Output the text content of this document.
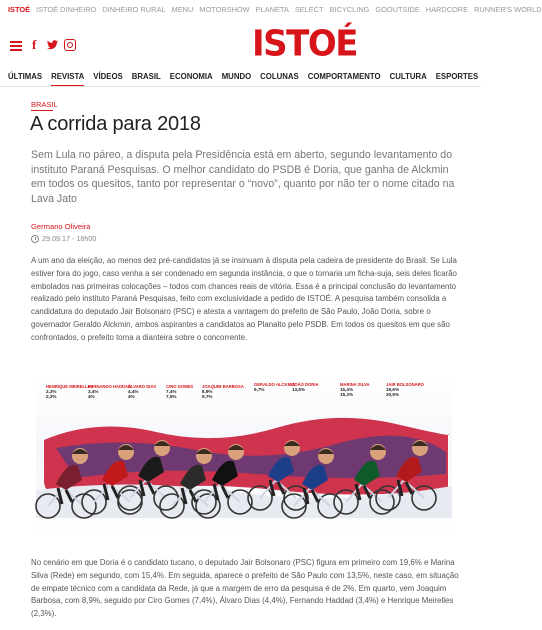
ISTOÉ ISTOÉ DINHEIRO DINHEIRO RURAL MENU MOTORSHOW PLANETA SELECT BICYCLING GOOUTSIDE HARDCORE RUNNER'S WORLD
f	ISTOÉ
ÚLTIMAS REVISTA VÍDEOS BRASIL ECONOMIA MUNDO COLUNAS COMPORTAMENTO CULTURA ESPORTES
BRASIL
A corrida para 2018

Sem Lula no páreo, a disputa pela Presidência está em aberto, segundo levantamento do instituto Paraná Pesquisas. O melhor candidato do PSDB é Doria, que ganha de Alckmin em todos os quesitos, tanto por representar o “novo”, quanto por não ter o nome citado na Lava Jato

Germano Oliveira
29.09.17 - 18h00

A um ano da eleição, ao menos dez pré-candidatos já se insinuam à disputa pela cadeira de presidente do Brasil. Se Lula estiver fora do jogo, caso venha a ser condenado em segunda instância, o que o tornaria um ficha-suja, seis deles ficarão embolados nas primeiras colocações – todos com chances reais de vitória. Essa é a principal conclusão do levantamento realizado pelo instituto Paraná Pesquisas, feito com exclusividade a pedido de ISTOÉ. A pesquisa também consolida a candidatura do deputado Jair Bolsonaro (PSC) e atesta a vantagem do prefeito de São Paulo, João Doria, sobre o governador Geraldo Alckmin, ambos aspirantes a candidatos ao Planalto pelo PSDB. Em todos os quesitos em que são confrontados, o prefeito toma a dianteira sobre o concorrente.

HENRIQUE MEIRELLES
2,3%
2,2%
FERNANDO HADDAD
3,4%
4%
ÁLVARO DIAS
4,4%
4%
CIRO GOMES
7,4%
7,5%
JOAQUIM BARBOSA
8,9%
9,7%
GERALDO ALCKMIN
9,7%
JOÃO DORIA
13,5%
MARINA SILVA
15,4%
15,3%
JAIR BOLSONARO
19,6%
20,9%

No cenário em que Doria é o candidato tucano, o deputado Jair Bolsonaro (PSC) figura em primeiro com 19,6% e Marina Silva (Rede) em segundo, com 15,4%. Em seguida, aparece o prefeito de São Paulo com 13,5%, neste caso, em situação de empate técnico com a candidata da Rede, já que a margem de erro da pesquisa é de 2%. Em quarto, vem Joaquim Barbosa, com 8,9%, seguido por Ciro Gomes (7,4%), Álvaro Dias (4,4%), Fernando Haddad (3,4%) e Henrique Meirelles (2,3%).
